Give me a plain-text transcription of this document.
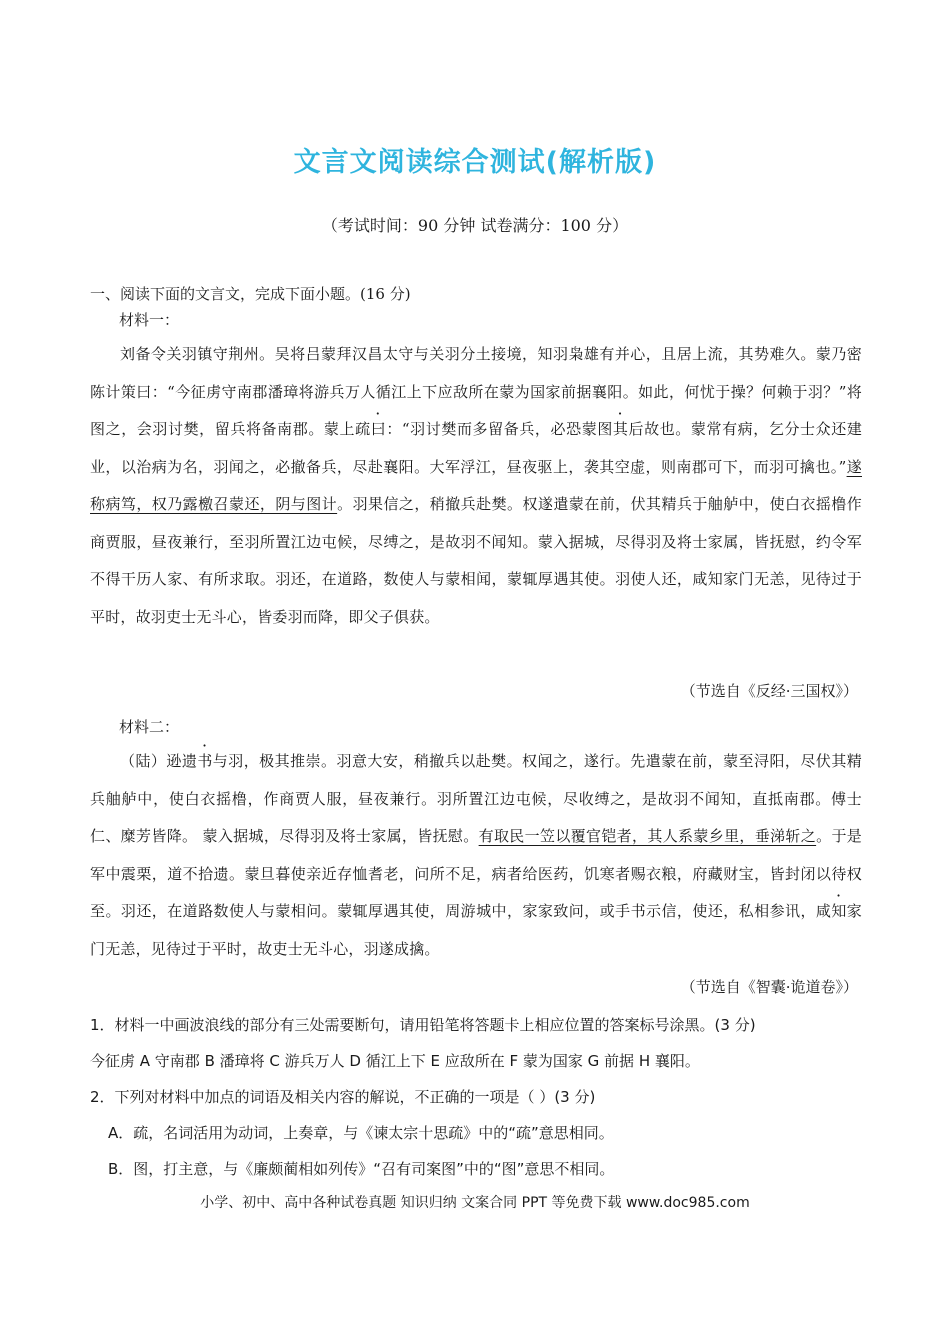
文言文阅读综合测试(解析版)
（考试时间：90 分钟 试卷满分：100 分）
一、阅读下面的文言文，完成下面小题。(16 分)
材料一：

刘备令关羽镇守荆州。吴将吕蒙拜汉昌太守与关羽分土接境，知羽枭雄有并心，且居上流，其势难久。蒙乃密陈计策曰：“今征虏守南郡潘璋将游兵万人循江上下应敌所在蒙为国家前据襄阳。如此，何忧于操？何赖于羽？”将图之，会羽讨樊，留兵将备南郡。蒙上疏曰：“羽讨樊而多留备兵，必恐蒙图其后故也。蒙常有病，乞分士众还建业，以治病为名，羽闻之，必撤备兵，尽赴襄阳。大军浮江，昼夜驱上，袭其空虚，则南郡可下，而羽可擒也。”遂称病笃，权乃露檄召蒙还，阴与图计。羽果信之，稍撤兵赴樊。权遂遣蒙在前，伏其精兵于舳舻中，使白衣摇橹作商贾服，昼夜兼行，至羽所置江边屯候，尽缚之，是故羽不闻知。蒙入据城，尽得羽及将士家属，皆抚慰，约令军不得干历人家、有所求取。羽还，在道路，数使人与蒙相闻，蒙辄厚遇其使。羽使人还，咸知家门无恙，见待过于平时，故羽吏士无斗心，皆委羽而降，即父子俱获。

（节选自《反经·三国权》）
材料二：

（陆）逊遗书与羽，极其推崇。羽意大安，稍撤兵以赴樊。权闻之，遂行。先遣蒙在前，蒙至浔阳，尽伏其精兵舳舻中，使白衣摇橹，作商贾人服，昼夜兼行。羽所置江边屯候，尽收缚之，是故羽不闻知，直抵南郡。傅士仁、糜芳皆降。 蒙入据城，尽得羽及将士家属，皆抚慰。有取民一笠以覆官铠者，其人系蒙乡里，垂涕斩之。于是军中震栗，道不拾遗。蒙旦暮使亲近存恤耆老，问所不足，病者给医药，饥寒者赐衣粮，府藏财宝，皆封闭以待权至。羽还，在道路数使人与蒙相问。蒙辄厚遇其使，周游城中，家家致问，或手书示信，使还，私相参讯，咸知家门无恙，见待过于平时，故吏士无斗心，羽遂成擒。

（节选自《智囊·诡道卷》）
1．材料一中画波浪线的部分有三处需要断句，请用铅笔将答题卡上相应位置的答案标号涂黑。(3 分)
今征虏 A 守南郡 B 潘璋将 C 游兵万人 D 循江上下 E 应敌所在 F 蒙为国家 G 前据 H 襄阳。
2．下列对材料中加点的词语及相关内容的解说，不正确的一项是（ ）(3 分)
A．疏，名词活用为动词，上奏章，与《谏太宗十思疏》中的“疏”意思相同。
B．图，打主意，与《廉颇蔺相如列传》“召有司案图”中的“图”意思不相同。
小学、初中、高中各种试卷真题 知识归纳 文案合同 PPT 等免费下载 www.doc985.com
